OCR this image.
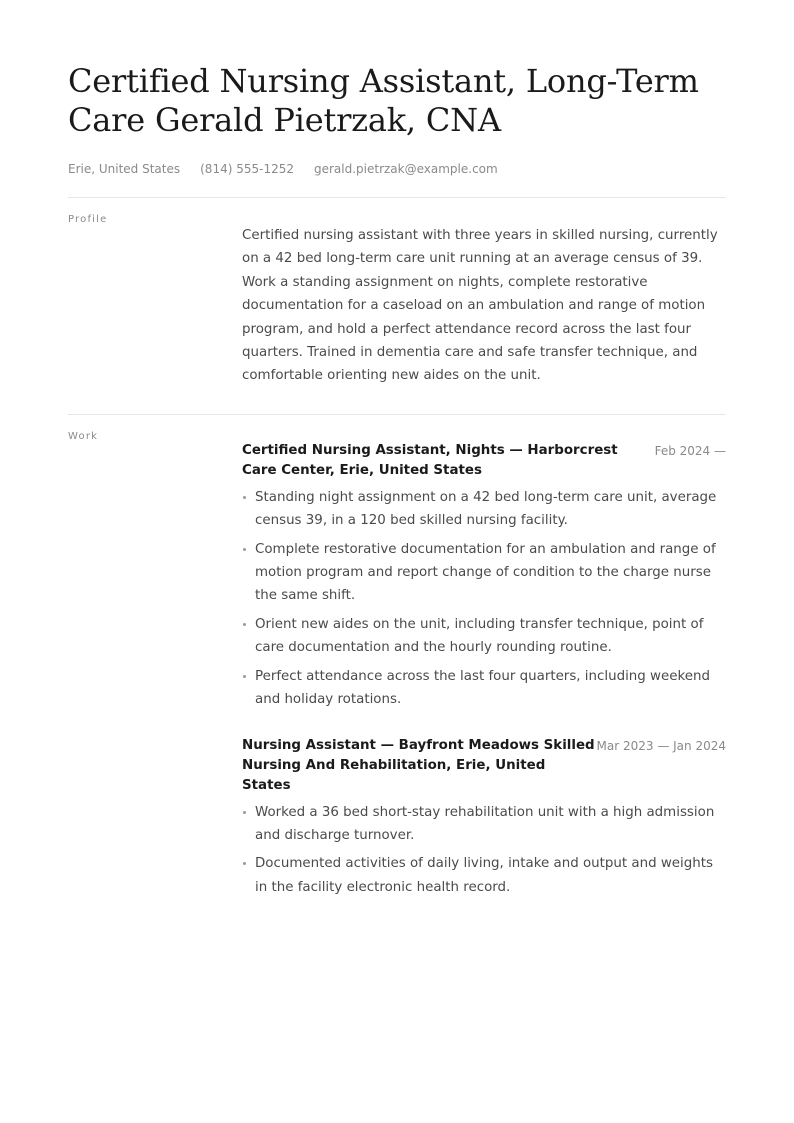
Certified Nursing Assistant, Long-Term Care Gerald Pietrzak, CNA
Erie, United States (814) 555-1252 gerald.pietrzak@example.com
Profile

Certified nursing assistant with three years in skilled nursing, currently on a 42 bed long-term care unit running at an average census of 39. Work a standing assignment on nights, complete restorative documentation for a caseload on an ambulation and range of motion program, and hold a perfect attendance record across the last four quarters. Trained in dementia care and safe transfer technique, and comfortable orienting new aides on the unit.

Work
Certified Nursing Assistant, Nights — Harborcrest Care Center, Erie, United States
Feb 2024 —
Standing night assignment on a 42 bed long-term care unit, average census 39, in a 120 bed skilled nursing facility.
Complete restorative documentation for an ambulation and range of motion program and report change of condition to the charge nurse the same shift.
Orient new aides on the unit, including transfer technique, point of care documentation and the hourly rounding routine.
Perfect attendance across the last four quarters, including weekend and holiday rotations.
Nursing Assistant — Bayfront Meadows Skilled Nursing And Rehabilitation, Erie, United States
Mar 2023 — Jan 2024
Worked a 36 bed short-stay rehabilitation unit with a high admission and discharge turnover.
Documented activities of daily living, intake and output and weights in the facility electronic health record.
